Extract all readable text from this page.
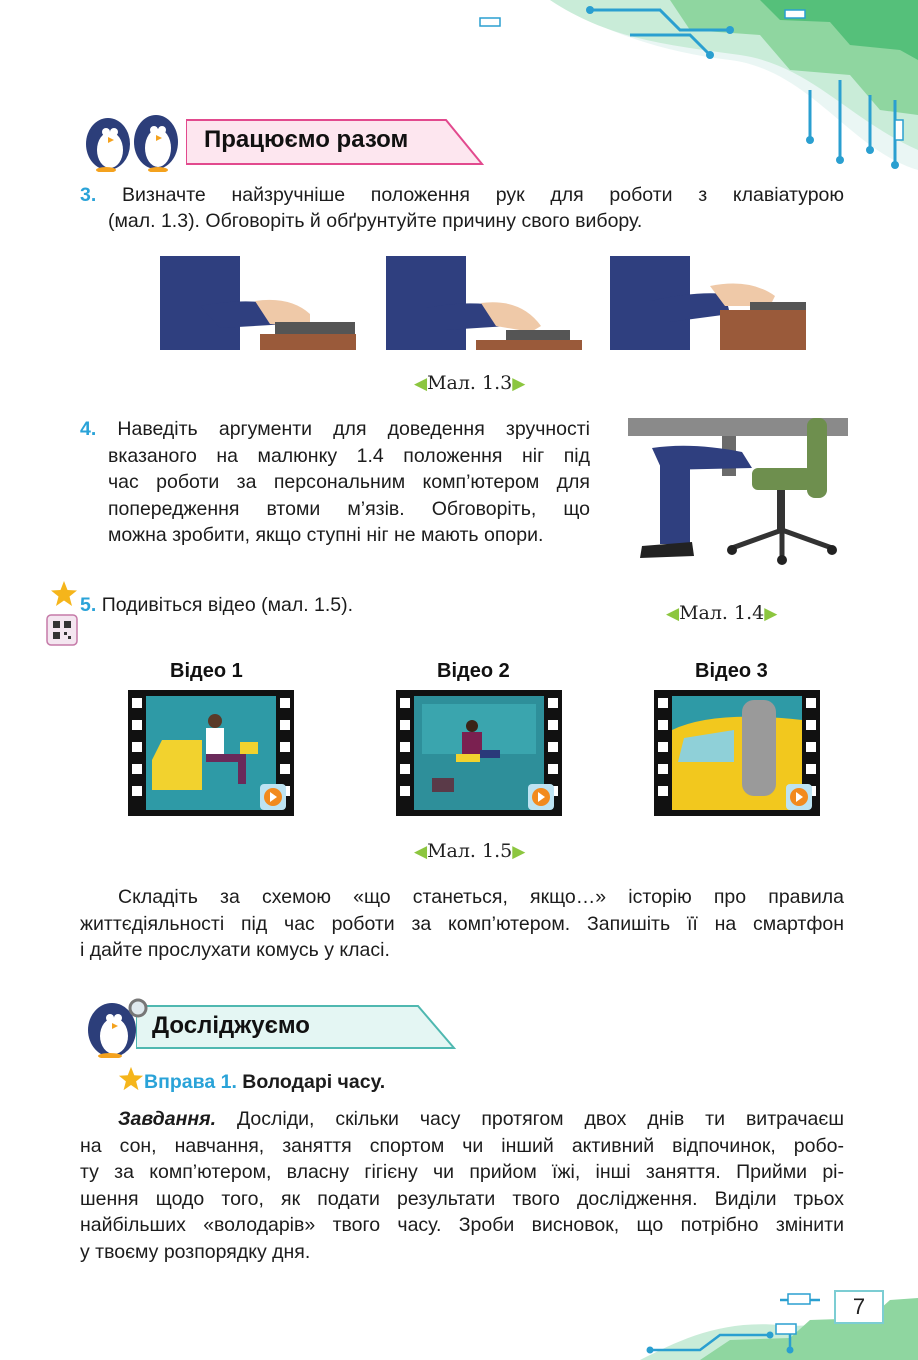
Працюємо разом
3. Визначте найзручніше положення рук для роботи з клавіатурою
(мал. 1.3). Обговоріть й обґрунтуйте причину свого вибору.
◀Мал. 1.3▶
4. Наведіть аргументи для доведення зручності
вказаного на малюнку 1.4 положення ніг під
час роботи за персональним комп’ютером для
попередження втоми м’язів. Обговоріть, що
можна зробити, якщо ступні ніг не мають опори.
5. Подивіться відео (мал. 1.5).	◀Мал. 1.4▶
Відео 1	Відео 2	Відео 3
◀Мал. 1.5▶
Складіть за схемою «що станеться, якщо…» історію про правила
життєдіяльності під час роботи за комп’ютером. Запишіть її на смартфон
і дайте прослухати комусь у класі.
Досліджуємо
Вправа 1. Володарі часу.
Завдання. Досліди, скільки часу протягом двох днів ти витрачаєш
на сон, навчання, заняття спортом чи інший активний відпочинок, робо-
ту за комп’ютером, власну гігієну чи прийом їжі, інші заняття. Прийми рі-
шення щодо того, як подати результати твого дослідження. Виділи трьох
найбільших «володарів» твого часу. Зроби висновок, що потрібно змінити
у твоєму розпорядку дня.
7
